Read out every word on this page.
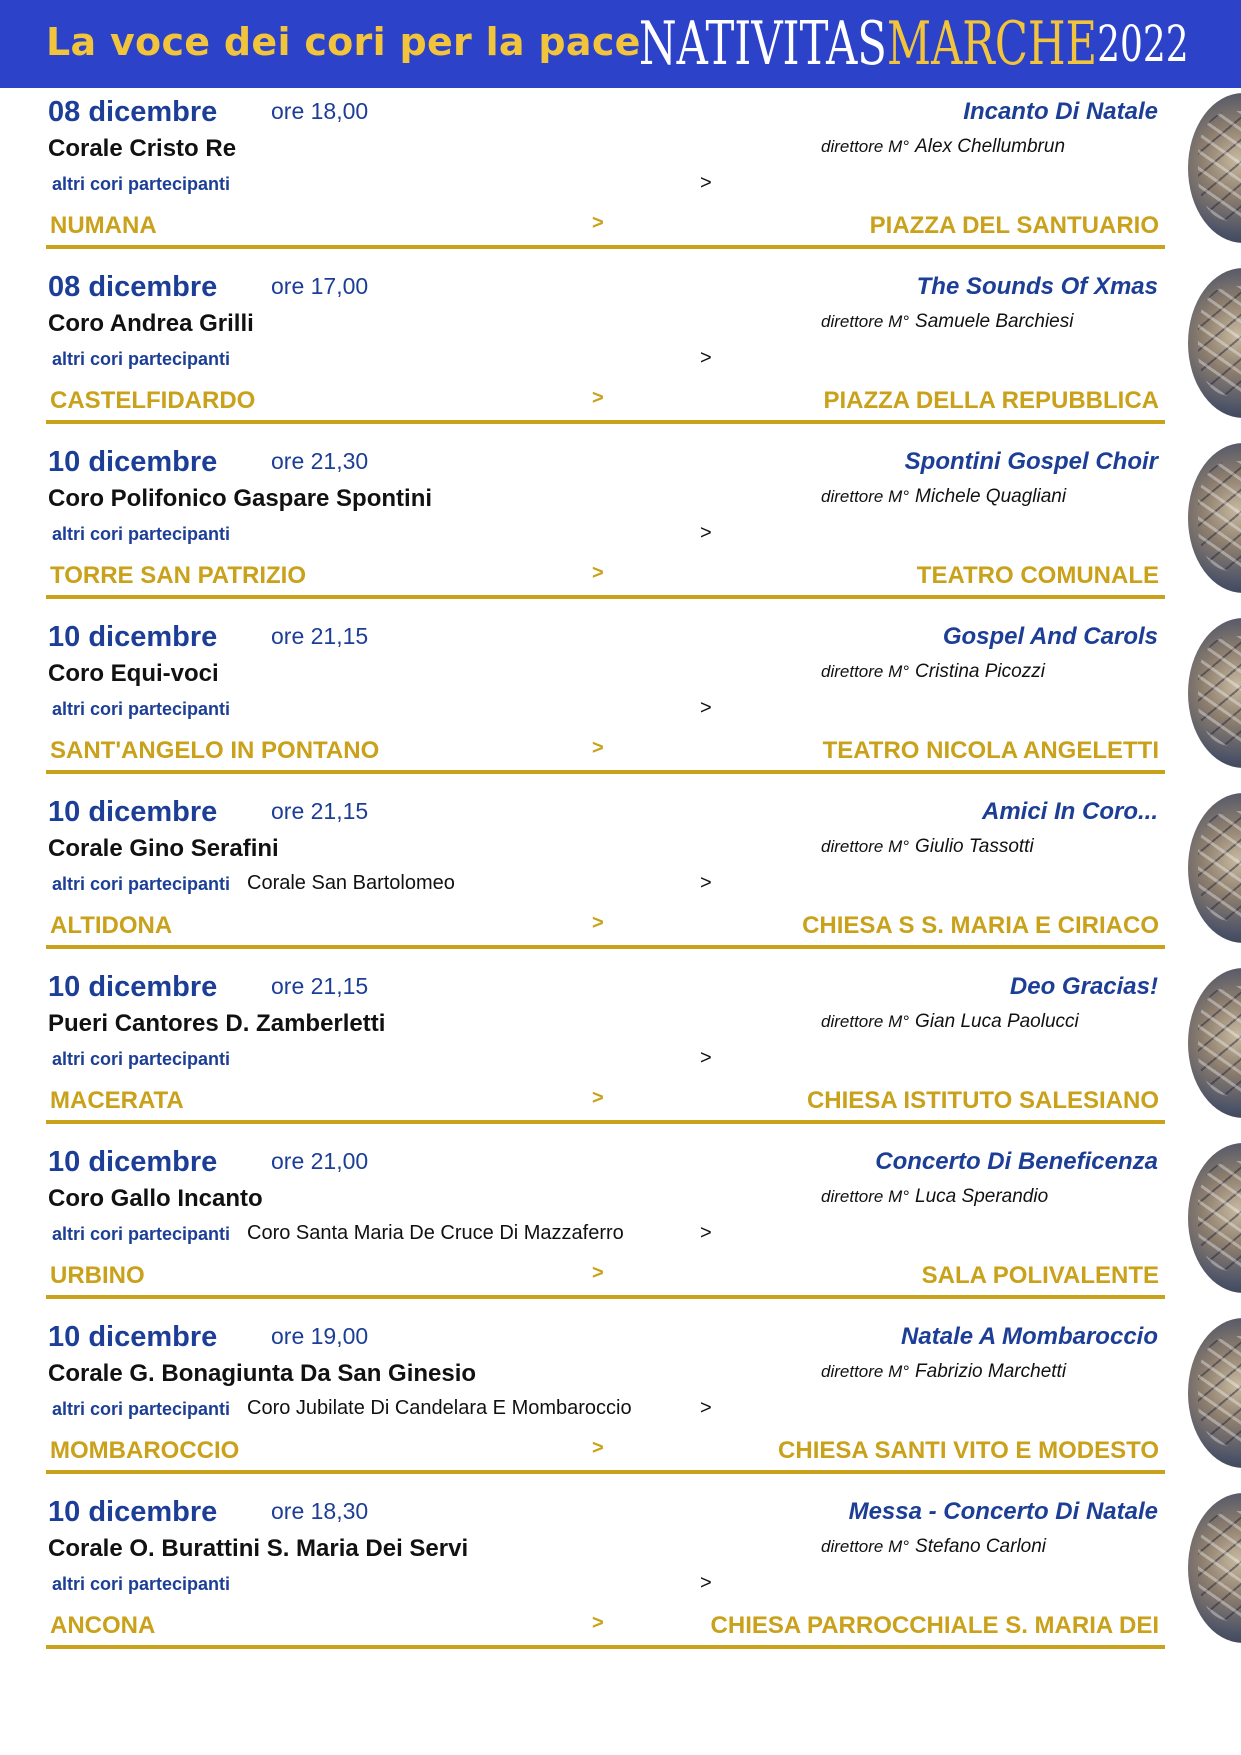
La voce dei cori per la pace
NATIVITAS MARCHE 2022
08 dicembre ore 18,00	Incanto Di Natale
Corale Cristo Re	direttore M° Alex Chellumbrun
altri cori partecipanti	>
NUMANA	>	PIAZZA DEL SANTUARIO
08 dicembre ore 17,00	The Sounds Of Xmas
Coro Andrea Grilli	direttore M° Samuele Barchiesi
altri cori partecipanti	>
CASTELFIDARDO	>	PIAZZA DELLA REPUBBLICA
10 dicembre ore 21,30	Spontini Gospel Choir
Coro Polifonico Gaspare Spontini	direttore M° Michele Quagliani
altri cori partecipanti	>
TORRE SAN PATRIZIO	>	TEATRO COMUNALE
10 dicembre ore 21,15	Gospel And Carols
Coro Equi-voci	direttore M° Cristina Picozzi
altri cori partecipanti	>
SANT'ANGELO IN PONTANO	>	TEATRO NICOLA ANGELETTI
10 dicembre ore 21,15	Amici In Coro...
Corale Gino Serafini	direttore M° Giulio Tassotti
altri cori partecipanti Corale San Bartolomeo	>
ALTIDONA	>	CHIESA S S. MARIA E CIRIACO
10 dicembre ore 21,15	Deo Gracias!
Pueri Cantores D. Zamberletti	direttore M° Gian Luca Paolucci
altri cori partecipanti	>
MACERATA	>	CHIESA ISTITUTO SALESIANO
10 dicembre ore 21,00	Concerto Di Beneficenza
Coro Gallo Incanto	direttore M° Luca Sperandio
altri cori partecipanti Coro Santa Maria De Cruce Di Mazzaferro	>
URBINO	>	SALA POLIVALENTE
10 dicembre ore 19,00	Natale A Mombaroccio
Corale G. Bonagiunta Da San Ginesio	direttore M° Fabrizio Marchetti
altri cori partecipanti Coro Jubilate Di Candelara E Mombaroccio	>
MOMBAROCCIO	>	CHIESA SANTI VITO E MODESTO
10 dicembre ore 18,30	Messa - Concerto Di Natale
Corale O. Burattini S. Maria Dei Servi	direttore M° Stefano Carloni
altri cori partecipanti	>
ANCONA	>	CHIESA PARROCCHIALE S. MARIA DEI
